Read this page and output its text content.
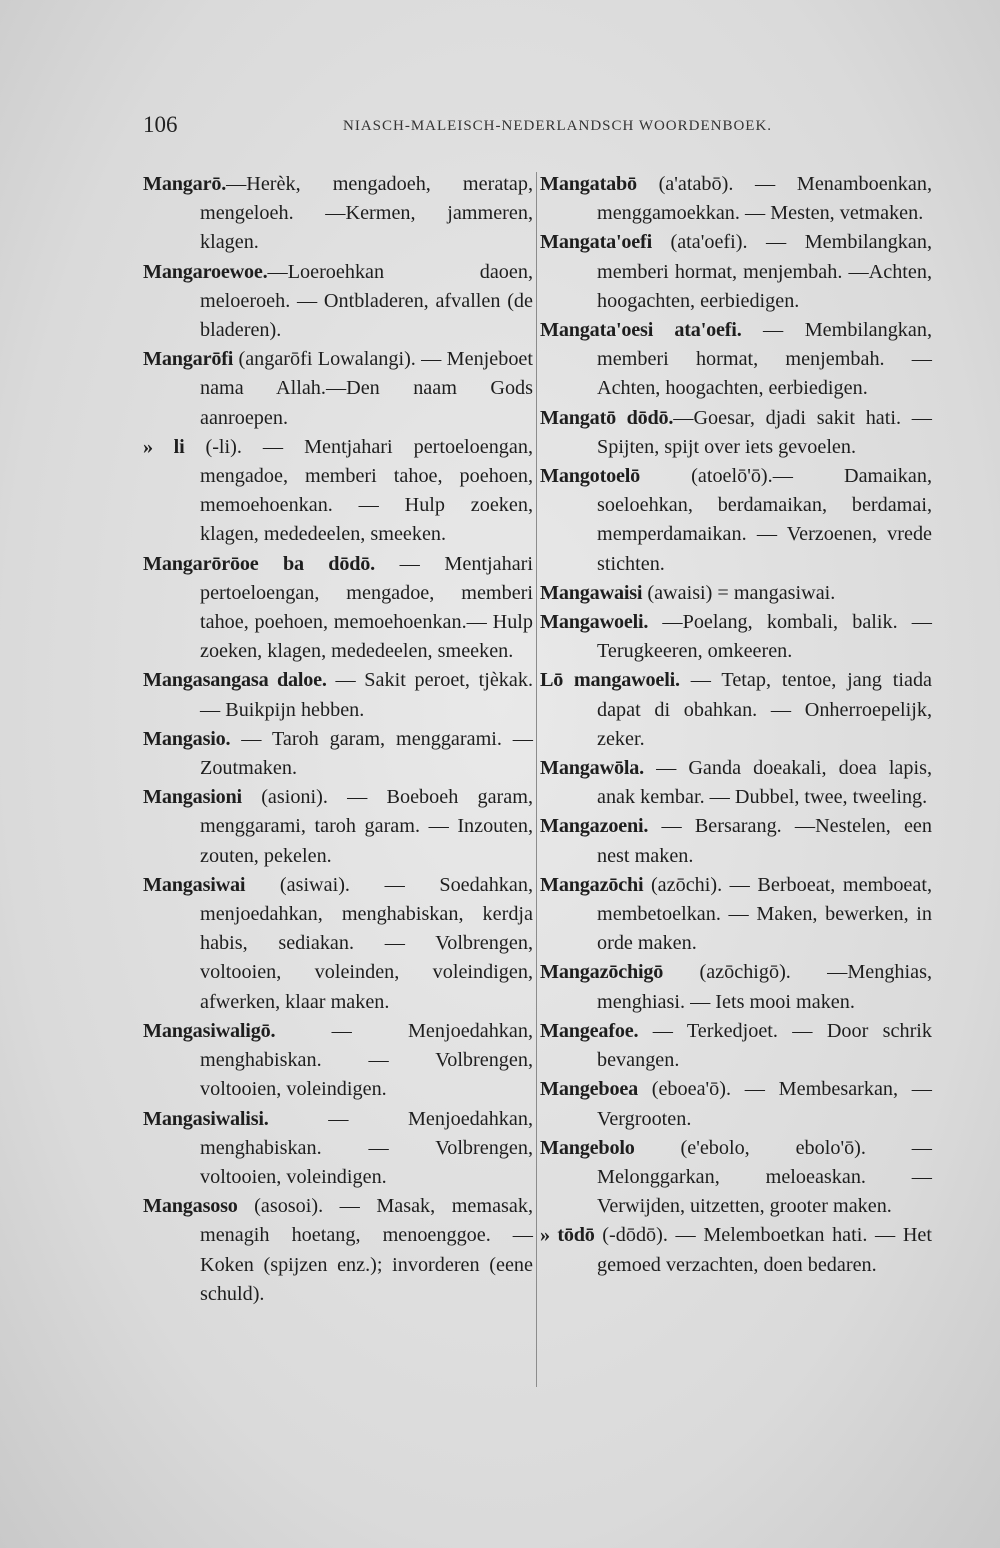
106	NIASCH-MALEISCH-NEDERLANDSCH WOORDENBOEK.

Mangarō.—Herèk, mengadoeh, meratap, mengeloeh. —Kermen, jammeren, klagen.

Mangaroewoe.—Loeroehkan daoen, meloeroeh. — Ontbladeren, afvallen (de bladeren).

Mangarōfi (angarōfi Lowalangi). — Menjeboet nama Allah.—Den naam Gods aanroepen.

» li (-li). — Mentjahari pertoeloengan, mengadoe, memberi tahoe, poehoen, memoehoenkan. — Hulp zoeken, klagen, mededeelen, smeeken.

Mangarōrōoe ba dōdō. — Mentjahari pertoeloengan, mengadoe, memberi tahoe, poehoen, memoehoenkan.— Hulp zoeken, klagen, mededeelen, smeeken.

Mangasangasa daloe. — Sakit peroet, tjèkak. — Buikpijn hebben.

Mangasio. — Taroh garam, menggarami. — Zoutmaken.

Mangasioni (asioni). — Boeboeh garam, menggarami, taroh garam. — Inzouten, zouten, pekelen.

Mangasiwai (asiwai). — Soedahkan, menjoedahkan, menghabiskan, kerdja habis, sediakan. — Volbrengen, voltooien, voleinden, voleindigen, afwerken, klaar maken.

Mangasiwaligō. — Menjoedahkan, menghabiskan. — Volbrengen, voltooien, voleindigen.

Mangasiwalisi. — Menjoedahkan, menghabiskan. — Volbrengen, voltooien, voleindigen.

Mangasoso (asosoi). — Masak, memasak, menagih hoetang, menoenggoe. —Koken (spijzen enz.); invorderen (eene schuld).

Mangatabō (a'atabō). — Menamboenkan, menggamoekkan. — Mesten, vetmaken.

Mangata'oefi (ata'oefi). — Membilangkan, memberi hormat, menjembah. —Achten, hoogachten, eerbiedigen.

Mangata'oesi ata'oefi. — Membilangkan, memberi hormat, menjembah. — Achten, hoogachten, eerbiedigen.

Mangatō dōdō.—Goesar, djadi sakit hati. —Spijten, spijt over iets gevoelen.

Mangotoelō (atoelō'ō).— Damaikan, soeloehkan, berdamaikan, berdamai, memperdamaikan. — Verzoenen, vrede stichten.

Mangawaisi (awaisi) = mangasiwai.

Mangawoeli. —Poelang, kombali, balik. —Terugkeeren, omkeeren.

Lō mangawoeli. — Tetap, tentoe, jang tiada dapat di obahkan. — Onherroepelijk, zeker.

Mangawōla. — Ganda doeakali, doea lapis, anak kembar. — Dubbel, twee, tweeling.

Mangazoeni. — Bersarang. —Nestelen, een nest maken.

Mangazōchi (azōchi). — Berboeat, memboeat, membetoelkan. — Maken, bewerken, in orde maken.

Mangazōchigō (azōchigō). —Menghias, menghiasi. — Iets mooi maken.

Mangeafoe. — Terkedjoet. — Door schrik bevangen.

Mangeboea (eboea'ō). — Membesarkan, — Vergrooten.

Mangebolo (e'ebolo, ebolo'ō). — Melonggarkan, meloeaskan. — Verwijden, uitzetten, grooter maken.

» tōdō (-dōdō). — Melemboetkan hati. — Het gemoed verzachten, doen bedaren.
